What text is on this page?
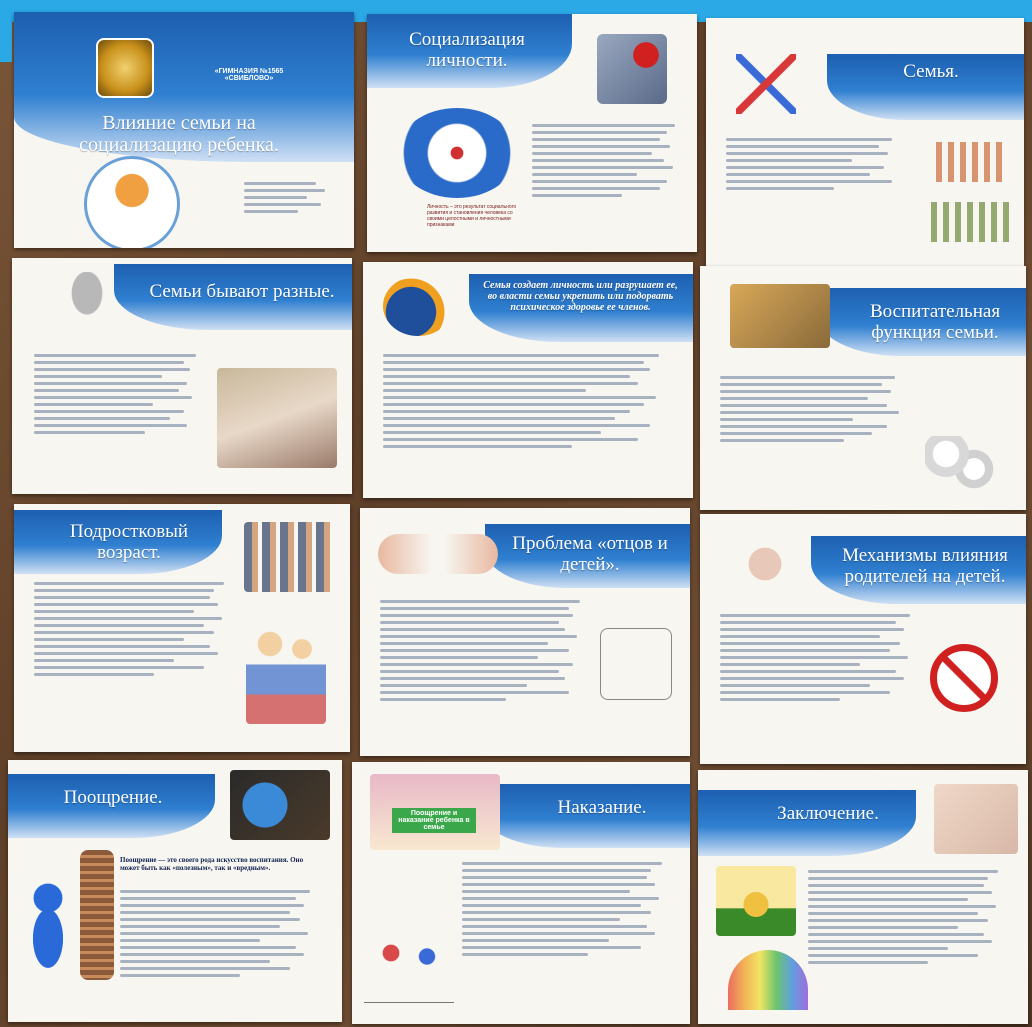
«ГИМНАЗИЯ №1565 «СВИБЛОВО»
Влияние семьи на социализацию ребенка.
Социализация личности.
Личность – это результат социального развития и становления человека со своими целостными и личностными признаками
Семья.
Семьи бывают разные.	Семья создает личность или разрушает ее, во власти семьи укрепить или подорвать психическое здоровье ее членов.	Воспитательная функция семьи.
Подростковый возраст.	Проблема «отцов и детей».	Механизмы влияния родителей на детей.
Поощрение.
Поощрение — это своего рода искусство воспитания. Оно может быть как «полезным», так и «вредным».
Наказание.
Поощрение и наказание ребенка в семье
Заключение.
